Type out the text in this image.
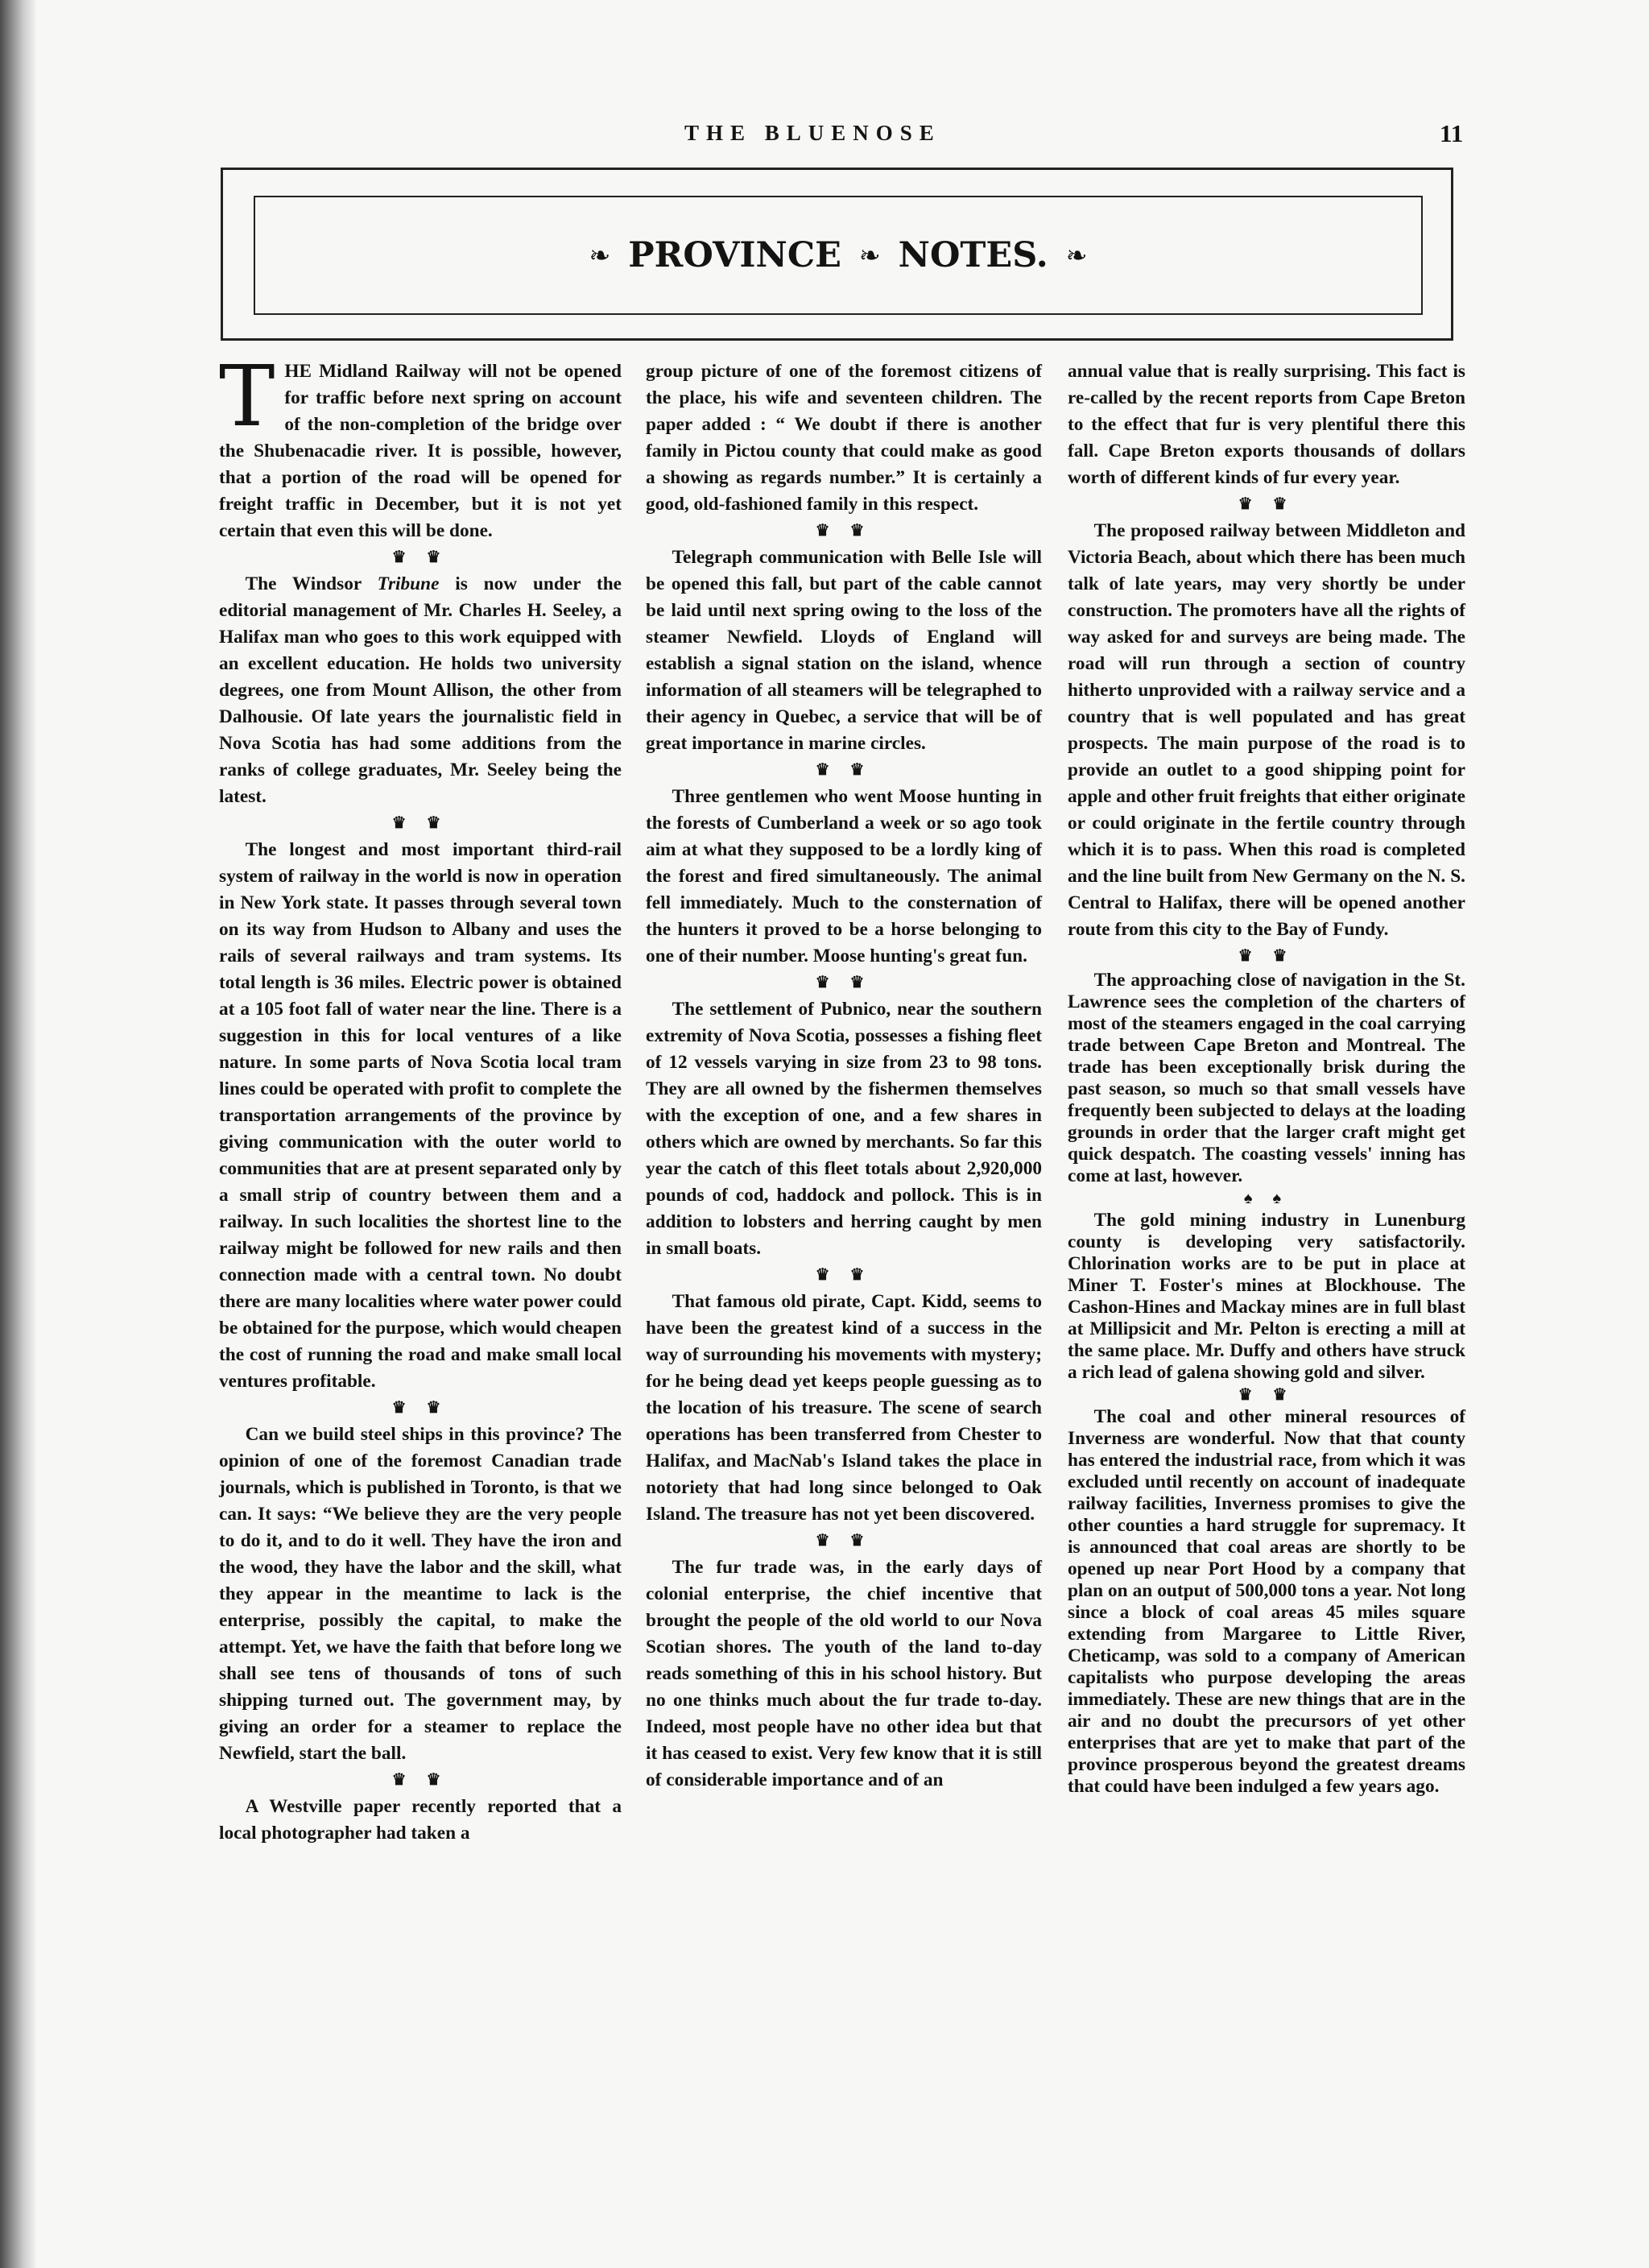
THE BLUENOSE	11
❧ PROVINCE ❧ NOTES. ❧

THE Midland Railway will not be opened for traffic before next spring on account of the non-completion of the bridge over the Shubenacadie river. It is possible, however, that a portion of the road will be opened for freight traffic in December, but it is not yet certain that even this will be done.

♛ ♛

The Windsor Tribune is now under the editorial management of Mr. Charles H. Seeley, a Halifax man who goes to this work equipped with an excellent education. He holds two university degrees, one from Mount Allison, the other from Dalhousie. Of late years the journalistic field in Nova Scotia has had some additions from the ranks of college graduates, Mr. Seeley being the latest.

♛ ♛

The longest and most important third-rail system of railway in the world is now in operation in New York state. It passes through several town on its way from Hudson to Albany and uses the rails of several railways and tram systems. Its total length is 36 miles. Electric power is obtained at a 105 foot fall of water near the line. There is a suggestion in this for local ventures of a like nature. In some parts of Nova Scotia local tram lines could be operated with profit to complete the transportation arrangements of the province by giving communication with the outer world to communities that are at present separated only by a small strip of country between them and a railway. In such localities the shortest line to the railway might be followed for new rails and then connection made with a central town. No doubt there are many localities where water power could be obtained for the purpose, which would cheapen the cost of running the road and make small local ventures profitable.

♛ ♛

Can we build steel ships in this province? The opinion of one of the foremost Canadian trade journals, which is published in Toronto, is that we can. It says: “We believe they are the very people to do it, and to do it well. They have the iron and the wood, they have the labor and the skill, what they appear in the meantime to lack is the enterprise, possibly the capital, to make the attempt. Yet, we have the faith that before long we shall see tens of thousands of tons of such shipping turned out. The government may, by giving an order for a steamer to replace the Newfield, start the ball.

♛ ♛

A Westville paper recently reported that a local photographer had taken a

group picture of one of the foremost citizens of the place, his wife and seventeen children. The paper added : “ We doubt if there is another family in Pictou county that could make as good a showing as regards number.” It is certainly a good, old-fashioned family in this respect.

♛ ♛

Telegraph communication with Belle Isle will be opened this fall, but part of the cable cannot be laid until next spring owing to the loss of the steamer Newfield. Lloyds of England will establish a signal station on the island, whence information of all steamers will be telegraphed to their agency in Quebec, a service that will be of great importance in marine circles.

♛ ♛

Three gentlemen who went Moose hunting in the forests of Cumberland a week or so ago took aim at what they supposed to be a lordly king of the forest and fired simultaneously. The animal fell immediately. Much to the consternation of the hunters it proved to be a horse belonging to one of their number. Moose hunting's great fun.

♛ ♛

The settlement of Pubnico, near the southern extremity of Nova Scotia, possesses a fishing fleet of 12 vessels varying in size from 23 to 98 tons. They are all owned by the fishermen themselves with the exception of one, and a few shares in others which are owned by merchants. So far this year the catch of this fleet totals about 2,920,000 pounds of cod, haddock and pollock. This is in addition to lobsters and herring caught by men in small boats.

♛ ♛

That famous old pirate, Capt. Kidd, seems to have been the greatest kind of a success in the way of surrounding his movements with mystery; for he being dead yet keeps people guessing as to the location of his treasure. The scene of search operations has been transferred from Chester to Halifax, and MacNab's Island takes the place in notoriety that had long since belonged to Oak Island. The treasure has not yet been discovered.

♛ ♛

The fur trade was, in the early days of colonial enterprise, the chief incentive that brought the people of the old world to our Nova Scotian shores. The youth of the land to-day reads something of this in his school history. But no one thinks much about the fur trade to-day. Indeed, most people have no other idea but that it has ceased to exist. Very few know that it is still of considerable importance and of an

annual value that is really surprising. This fact is re-called by the recent reports from Cape Breton to the effect that fur is very plentiful there this fall. Cape Breton exports thousands of dollars worth of different kinds of fur every year.

♛ ♛

The proposed railway between Middleton and Victoria Beach, about which there has been much talk of late years, may very shortly be under construction. The promoters have all the rights of way asked for and surveys are being made. The road will run through a section of country hitherto unprovided with a railway service and a country that is well populated and has great prospects. The main purpose of the road is to provide an outlet to a good shipping point for apple and other fruit freights that either originate or could originate in the fertile country through which it is to pass. When this road is completed and the line built from New Germany on the N. S. Central to Halifax, there will be opened another route from this city to the Bay of Fundy.

♛ ♛

The approaching close of navigation in the St. Lawrence sees the completion of the charters of most of the steamers engaged in the coal carrying trade between Cape Breton and Montreal. The trade has been exceptionally brisk during the past season, so much so that small vessels have frequently been subjected to delays at the loading grounds in order that the larger craft might get quick despatch. The coasting vessels' inning has come at last, however.

♠ ♠

The gold mining industry in Lunenburg county is developing very satisfactorily. Chlorination works are to be put in place at Miner T. Foster's mines at Blockhouse. The Cashon-Hines and Mackay mines are in full blast at Millipsicit and Mr. Pelton is erecting a mill at the same place. Mr. Duffy and others have struck a rich lead of galena showing gold and silver.

♛ ♛

The coal and other mineral resources of Inverness are wonderful. Now that that county has entered the industrial race, from which it was excluded until recently on account of inadequate railway facilities, Inverness promises to give the other counties a hard struggle for supremacy. It is announced that coal areas are shortly to be opened up near Port Hood by a company that plan on an output of 500,000 tons a year. Not long since a block of coal areas 45 miles square extending from Margaree to Little River, Cheticamp, was sold to a company of American capitalists who purpose developing the areas immediately. These are new things that are in the air and no doubt the precursors of yet other enterprises that are yet to make that part of the province prosperous beyond the greatest dreams that could have been indulged a few years ago.
